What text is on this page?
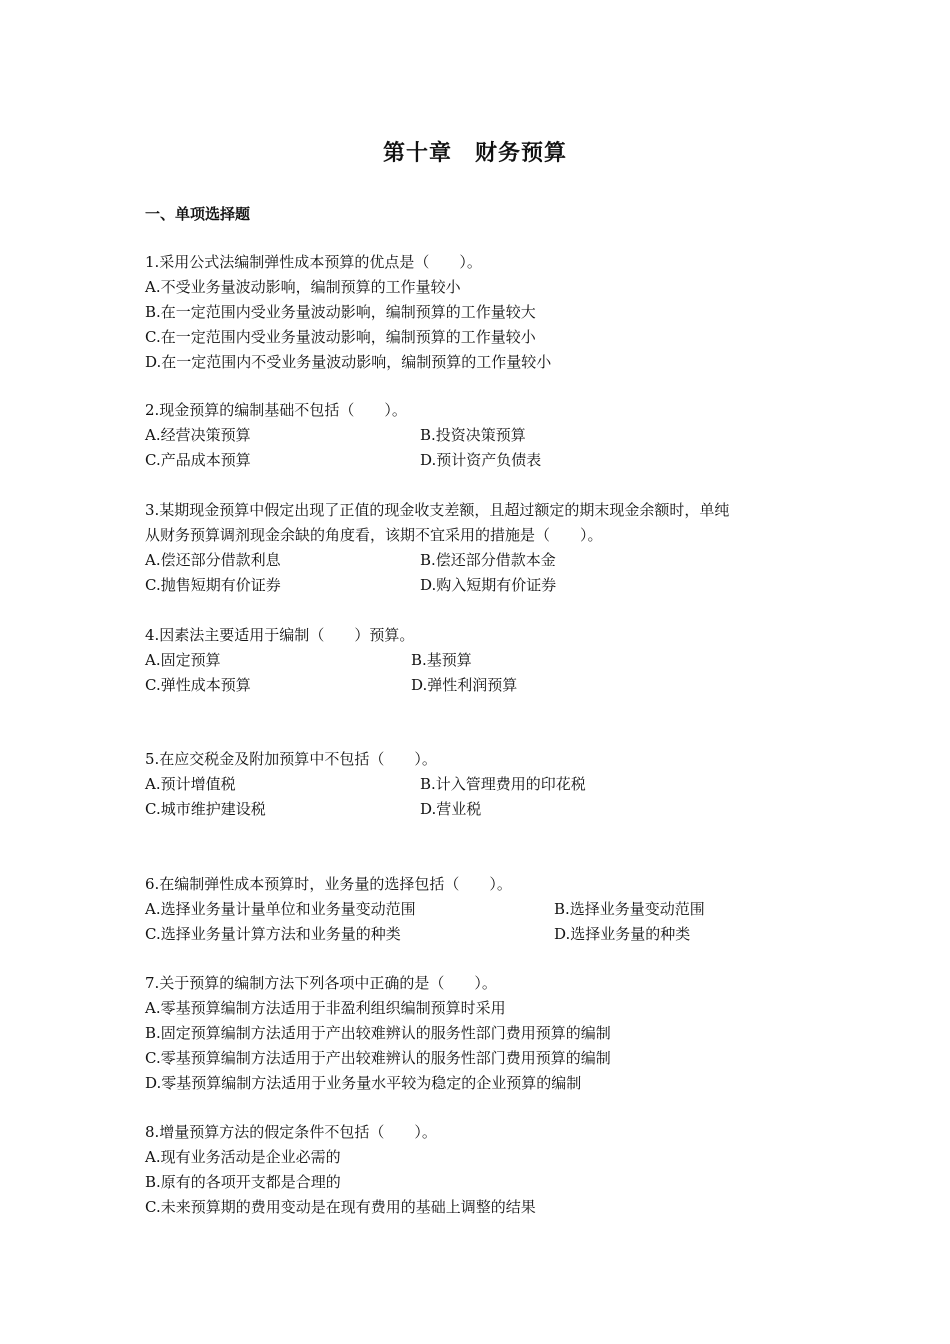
第十章　财务预算
一、单项选择题
1.采用公式法编制弹性成本预算的优点是（　　）。
A.不受业务量波动影响，编制预算的工作量较小
B.在一定范围内受业务量波动影响，编制预算的工作量较大
C.在一定范围内受业务量波动影响，编制预算的工作量较小
D.在一定范围内不受业务量波动影响，编制预算的工作量较小
2.现金预算的编制基础不包括（　　）。
A.经营决策预算	B.投资决策预算
C.产品成本预算	D.预计资产负债表
3.某期现金预算中假定出现了正值的现金收支差额，且超过额定的期末现金余额时，单纯
从财务预算调剂现金余缺的角度看，该期不宜采用的措施是（　　）。
A.偿还部分借款利息	B.偿还部分借款本金
C.抛售短期有价证券	D.购入短期有价证券
4.因素法主要适用于编制（　　）预算。
A.固定预算	B.基预算
C.弹性成本预算	D.弹性利润预算
5.在应交税金及附加预算中不包括（　　）。
A.预计增值税	B.计入管理费用的印花税
C.城市维护建设税	D.营业税
6.在编制弹性成本预算时，业务量的选择包括（　　）。
A.选择业务量计量单位和业务量变动范围	B.选择业务量变动范围
C.选择业务量计算方法和业务量的种类	D.选择业务量的种类
7.关于预算的编制方法下列各项中正确的是（　　）。
A.零基预算编制方法适用于非盈利组织编制预算时采用
B.固定预算编制方法适用于产出较难辨认的服务性部门费用预算的编制
C.零基预算编制方法适用于产出较难辨认的服务性部门费用预算的编制
D.零基预算编制方法适用于业务量水平较为稳定的企业预算的编制
8.增量预算方法的假定条件不包括（　　）。
A.现有业务活动是企业必需的
B.原有的各项开支都是合理的
C.未来预算期的费用变动是在现有费用的基础上调整的结果
